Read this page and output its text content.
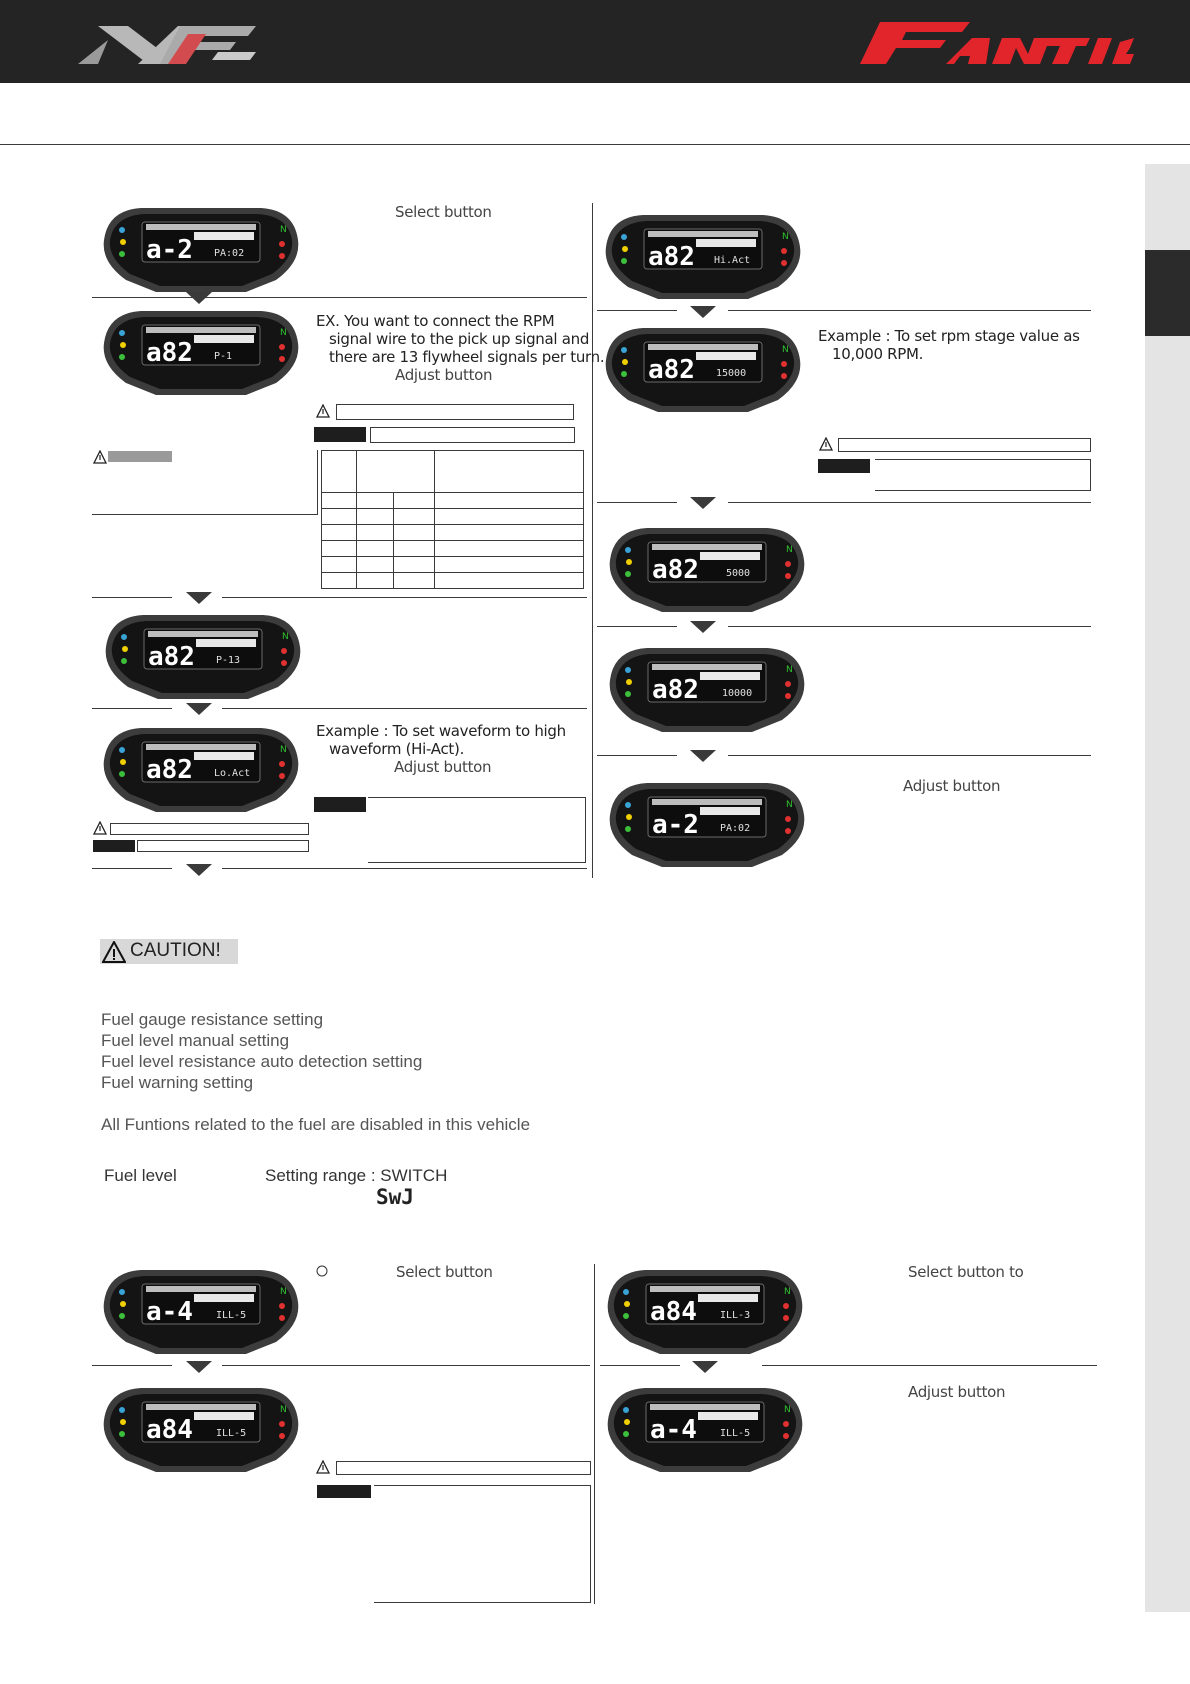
a-2 PA:02
Select button
a82 P-1
EX. You want to connect the RPM
signal wire to the pick up signal and
there are 13 flywheel signals per turn.
Adjust button

a82 P-13
a82 Lo.Act
Example : To set waveform to high
waveform (Hi-Act).
Adjust button
a82 Hi.Act
a82 15000
Example : To set rpm stage value as
10,000 RPM.
a82	5000
a82 10000
a-2 PA:02
Adjust button
CAUTION!
Fuel gauge resistance setting
Fuel level manual setting
Fuel level resistance auto detection setting
Fuel warning setting
All Funtions related to the fuel are disabled in this vehicle
Fuel level	Setting range : SWITCH
SwJ
a-4 ILL-5
Select button
a84 ILL-5
a84 ILL-3
Select button to
a-4 ILL-5
Adjust button
